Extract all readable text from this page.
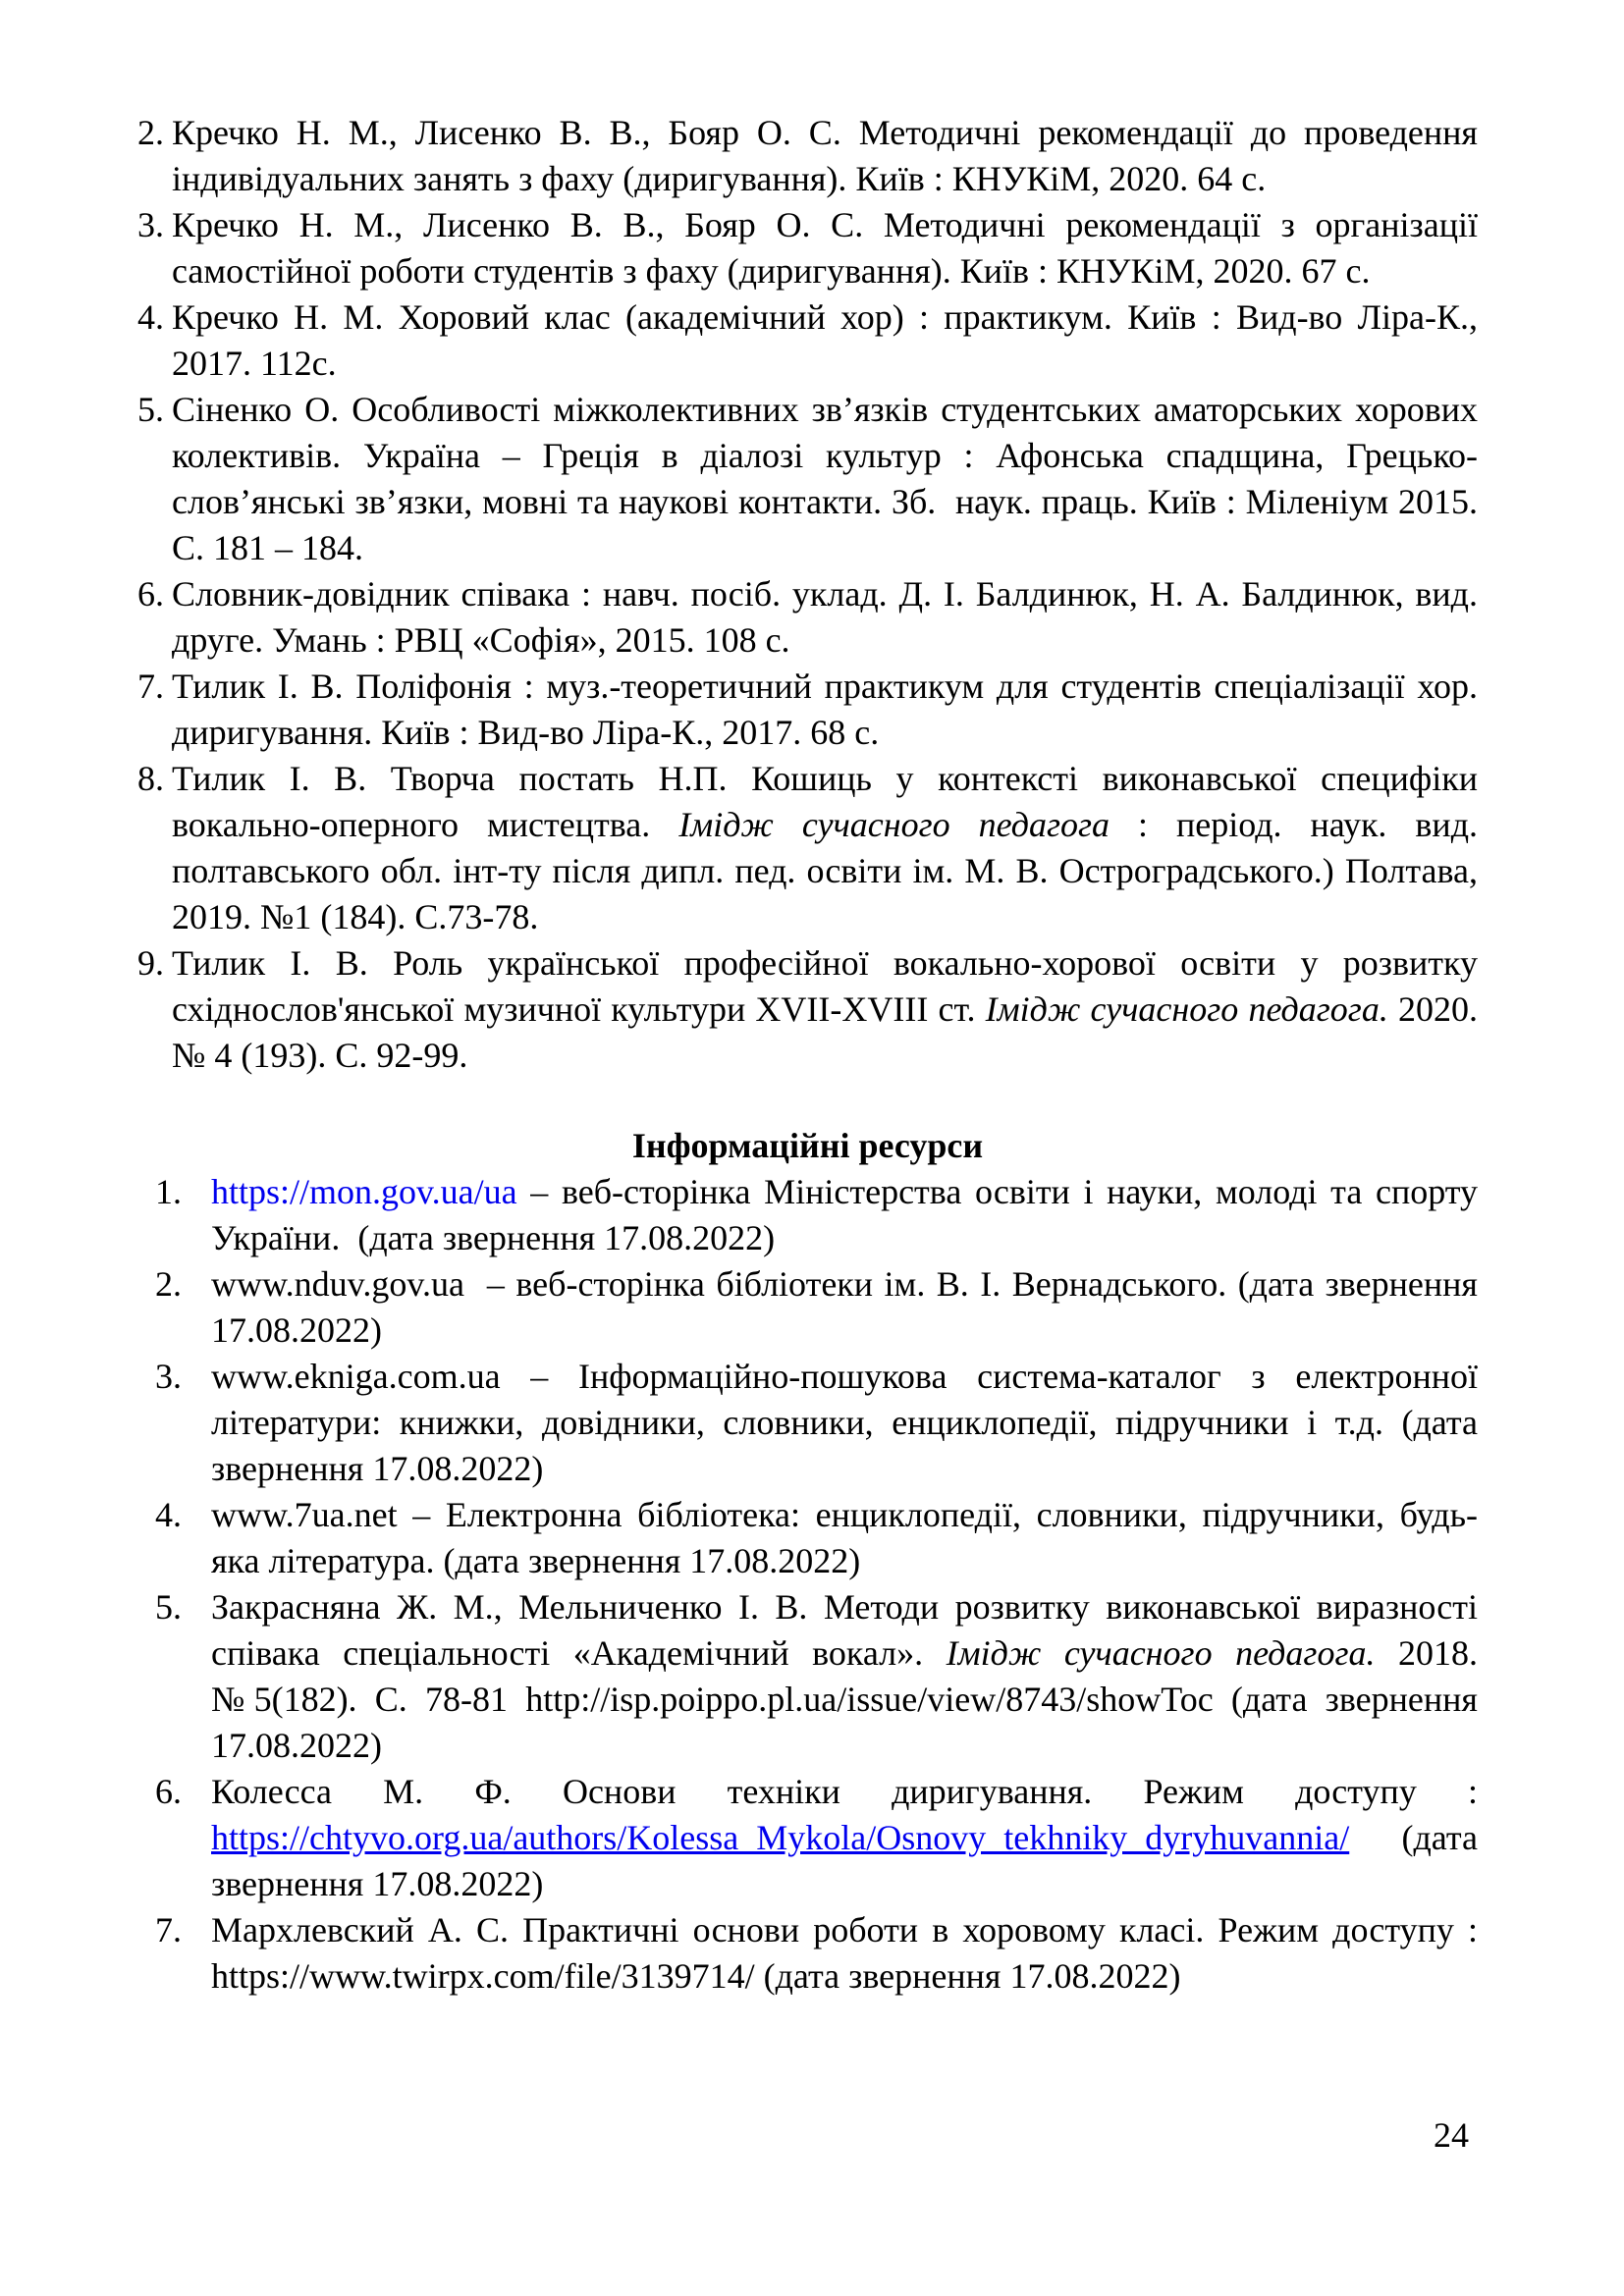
2. Кречко Н. М., Лисенко В. В., Бояр О. С. Методичні рекомендації до проведення індивідуальних занять з фаху (диригування). Київ : КНУКіМ, 2020. 64 с.
3. Кречко Н. М., Лисенко В. В., Бояр О. С. Методичні рекомендації з організації самостійної роботи студентів з фаху (диригування). Київ : КНУКіМ, 2020. 67 с.
4. Кречко Н. М. Хоровий клас (академічний хор) : практикум. Київ : Вид-во Ліра-К., 2017. 112с.
5. Сіненко О. Особливості міжколективних зв’язків студентських аматорських хорових колективів. Україна – Греція в діалозі культур : Афонська спадщина, Грецько-слов’янські зв’язки, мовні та наукові контакти. Зб.  наук. праць. Київ : Міленіум 2015. С. 181 – 184.
6. Словник-довідник співака : навч. посіб. уклад. Д. І. Балдинюк, Н. А. Балдинюк, вид. друге. Умань : РВЦ «Софія», 2015. 108 с.
7. Тилик І. В. Поліфонія : муз.-теоретичний практикум для студентів спеціалізації хор. диригування. Київ : Вид-во Ліра-К., 2017. 68 с.
8. Тилик І. В. Творча постать Н.П. Кошиць у контексті виконавської специфіки вокально-оперного мистецтва. Імідж сучасного педагога : період. наук. вид. полтавського обл. інт-ту після дипл. пед. освіти ім. М. В. Остроградського.) Полтава, 2019. №1 (184). С.73-78.
9. Тилик І. В. Роль української професійної вокально-хорової освіти у розвитку східнослов'янської музичної культури XVII-XVIII ст. Імідж сучасного педагога. 2020. № 4 (193). С. 92-99.
Інформаційні ресурси
1. https://mon.gov.ua/ua – веб-сторінка Міністерства освіти і науки, молоді та спорту України.  (дата звернення 17.08.2022)
2. www.nduv.gov.ua  – веб-сторінка бібліотеки ім. В. І. Вернадського. (дата звернення 17.08.2022)
3. www.ekniga.com.ua – Інформаційно-пошукова система-каталог з електронної літератури: книжки, довідники, словники, енциклопедії, підручники і т.д. (дата звернення 17.08.2022)
4. www.7ua.net – Електронна бібліотека: енциклопедії, словники, підручники, будь-яка література. (дата звернення 17.08.2022)
5. Закрасняна Ж. М., Мельниченко І. В. Методи розвитку виконавської виразності співака спеціальності «Академічний вокал». Імідж сучасного педагога. 2018. №5(182). С. 78-81 http://isp.poippo.pl.ua/issue/view/8743/showToc (дата звернення 17.08.2022)
6. Колесса М. Ф. Основи техніки диригування. Режим доступу : https://chtyvo.org.ua/authors/Kolessa_Mykola/Osnovy_tekhniky_dyryhuvannia/ (дата звернення 17.08.2022)
7. Мархлевский А. С. Практичні основи роботи в хоровому класі. Режим доступу : https://www.twirpx.com/file/3139714/ (дата звернення 17.08.2022)
24
